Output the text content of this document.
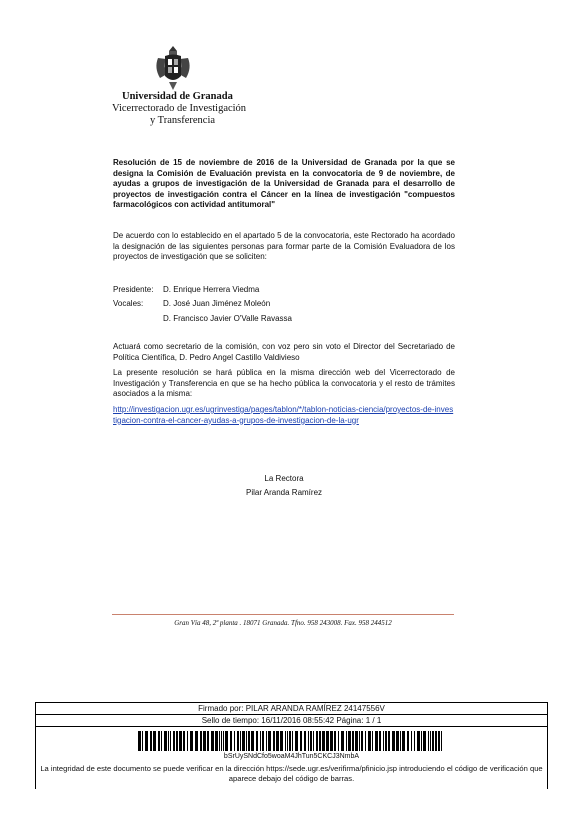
Universidad de Granada
Vicerrectorado de Investigación
y Transferencia
Resolución de 15 de noviembre de 2016 de la Universidad de Granada por la que se designa la Comisión de Evaluación prevista en la convocatoria de 9 de noviembre, de ayudas a grupos de investigación de la Universidad de Granada para el desarrollo de proyectos de investigación contra el Cáncer en la línea de investigación "compuestos farmacológicos con actividad antitumoral"
De acuerdo con lo establecido en el apartado 5 de la convocatoria, este Rectorado ha acordado la designación de las siguientes personas para formar parte de la Comisión Evaluadora de los proyectos de investigación que se soliciten:
Presidente: D. Enrique Herrera Viedma
Vocales: D. José Juan Jiménez Moleón
D. Francisco Javier O'Valle Ravassa
Actuará como secretario de la comisión, con voz pero sin voto el Director del Secretariado de Política Científica, D. Pedro Angel Castillo Valdivieso
La presente resolución se hará pública en la misma dirección web del Vicerrectorado de Investigación y Transferencia en que se ha hecho pública la convocatoria y el resto de trámites asociados a la misma:
http://investigacion.ugr.es/ugrinvestiga/pages/tablon/*/tablon-noticias-ciencia/proyectos-de-investigacion-contra-el-cancer-ayudas-a-grupos-de-investigacion-de-la-ugr
La Rectora
Pilar Aranda Ramírez
Gran Vía 48, 2ª planta . 18071 Granada. Tfno. 958 243008. Fax. 958 244512
Firmado por: PILAR ARANDA RAMÍREZ 24147556V
Sello de tiempo: 16/11/2016 08:55:42 Página: 1 / 1
bSrUySNdCfo5woaM4JhTun5CKCJ3NmbA
La integridad de este documento se puede verificar en la dirección https://sede.ugr.es/verifirma/pfinicio.jsp introduciendo el código de verificación que aparece debajo del código de barras.
